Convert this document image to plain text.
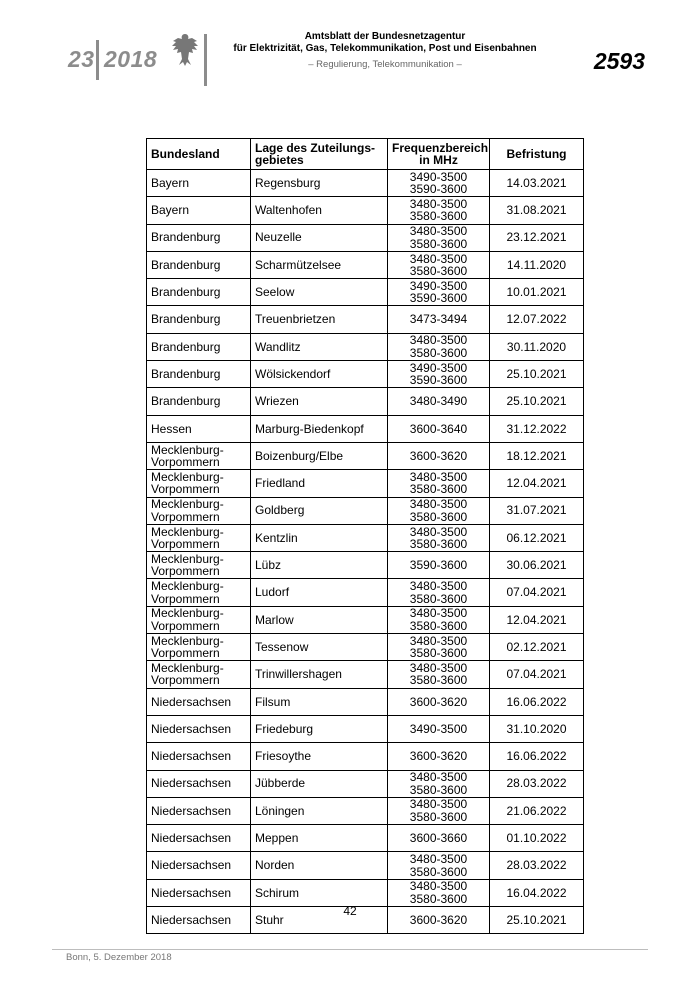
23 2018
Amtsblatt der Bundesnetzagentur
für Elektrizität, Gas, Telekommunikation, Post und Eisenbahnen
– Regulierung, Telekommunikation –	2593
Bundesland	Lage des Zuteilungs-gebietes	Frequenzbereich in MHz	Befristung
Bayern	Regensburg	3490-3500
3590-3600	14.03.2021
Bayern	Waltenhofen	3480-3500
3580-3600	31.08.2021
Brandenburg	Neuzelle	3480-3500
3580-3600	23.12.2021
Brandenburg	Scharmützelsee	3480-3500
3580-3600	14.11.2020
Brandenburg	Seelow	3490-3500
3590-3600	10.01.2021
Brandenburg	Treuenbrietzen	3473-3494	12.07.2022
Brandenburg	Wandlitz	3480-3500
3580-3600	30.11.2020
Brandenburg	Wölsickendorf	3490-3500
3590-3600	25.10.2021
Brandenburg	Wriezen	3480-3490	25.10.2021
Hessen	Marburg-Biedenkopf	3600-3640	31.12.2022
Mecklenburg-Vorpommern	Boizenburg/Elbe	3600-3620	18.12.2021
Mecklenburg-Vorpommern	Friedland	3480-3500
3580-3600	12.04.2021
Mecklenburg-Vorpommern	Goldberg	3480-3500
3580-3600	31.07.2021
Mecklenburg-Vorpommern	Kentzlin	3480-3500
3580-3600	06.12.2021
Mecklenburg-Vorpommern	Lübz	3590-3600	30.06.2021
Mecklenburg-Vorpommern	Ludorf	3480-3500
3580-3600	07.04.2021
Mecklenburg-Vorpommern	Marlow	3480-3500
3580-3600	12.04.2021
Mecklenburg-Vorpommern	Tessenow	3480-3500
3580-3600	02.12.2021
Mecklenburg-Vorpommern	Trinwillershagen	3480-3500
3580-3600	07.04.2021
Niedersachsen	Filsum	3600-3620	16.06.2022
Niedersachsen	Friedeburg	3490-3500	31.10.2020
Niedersachsen	Friesoythe	3600-3620	16.06.2022
Niedersachsen	Jübberde	3480-3500
3580-3600	28.03.2022
Niedersachsen	Löningen	3480-3500
3580-3600	21.06.2022
Niedersachsen	Meppen	3600-3660	01.10.2022
Niedersachsen	Norden	3480-3500
3580-3600	28.03.2022
Niedersachsen	Schirum	3480-3500
3580-3600	16.04.2022
Niedersachsen	Stuhr	3600-3620	25.10.2021
42
Bonn, 5. Dezember 2018
